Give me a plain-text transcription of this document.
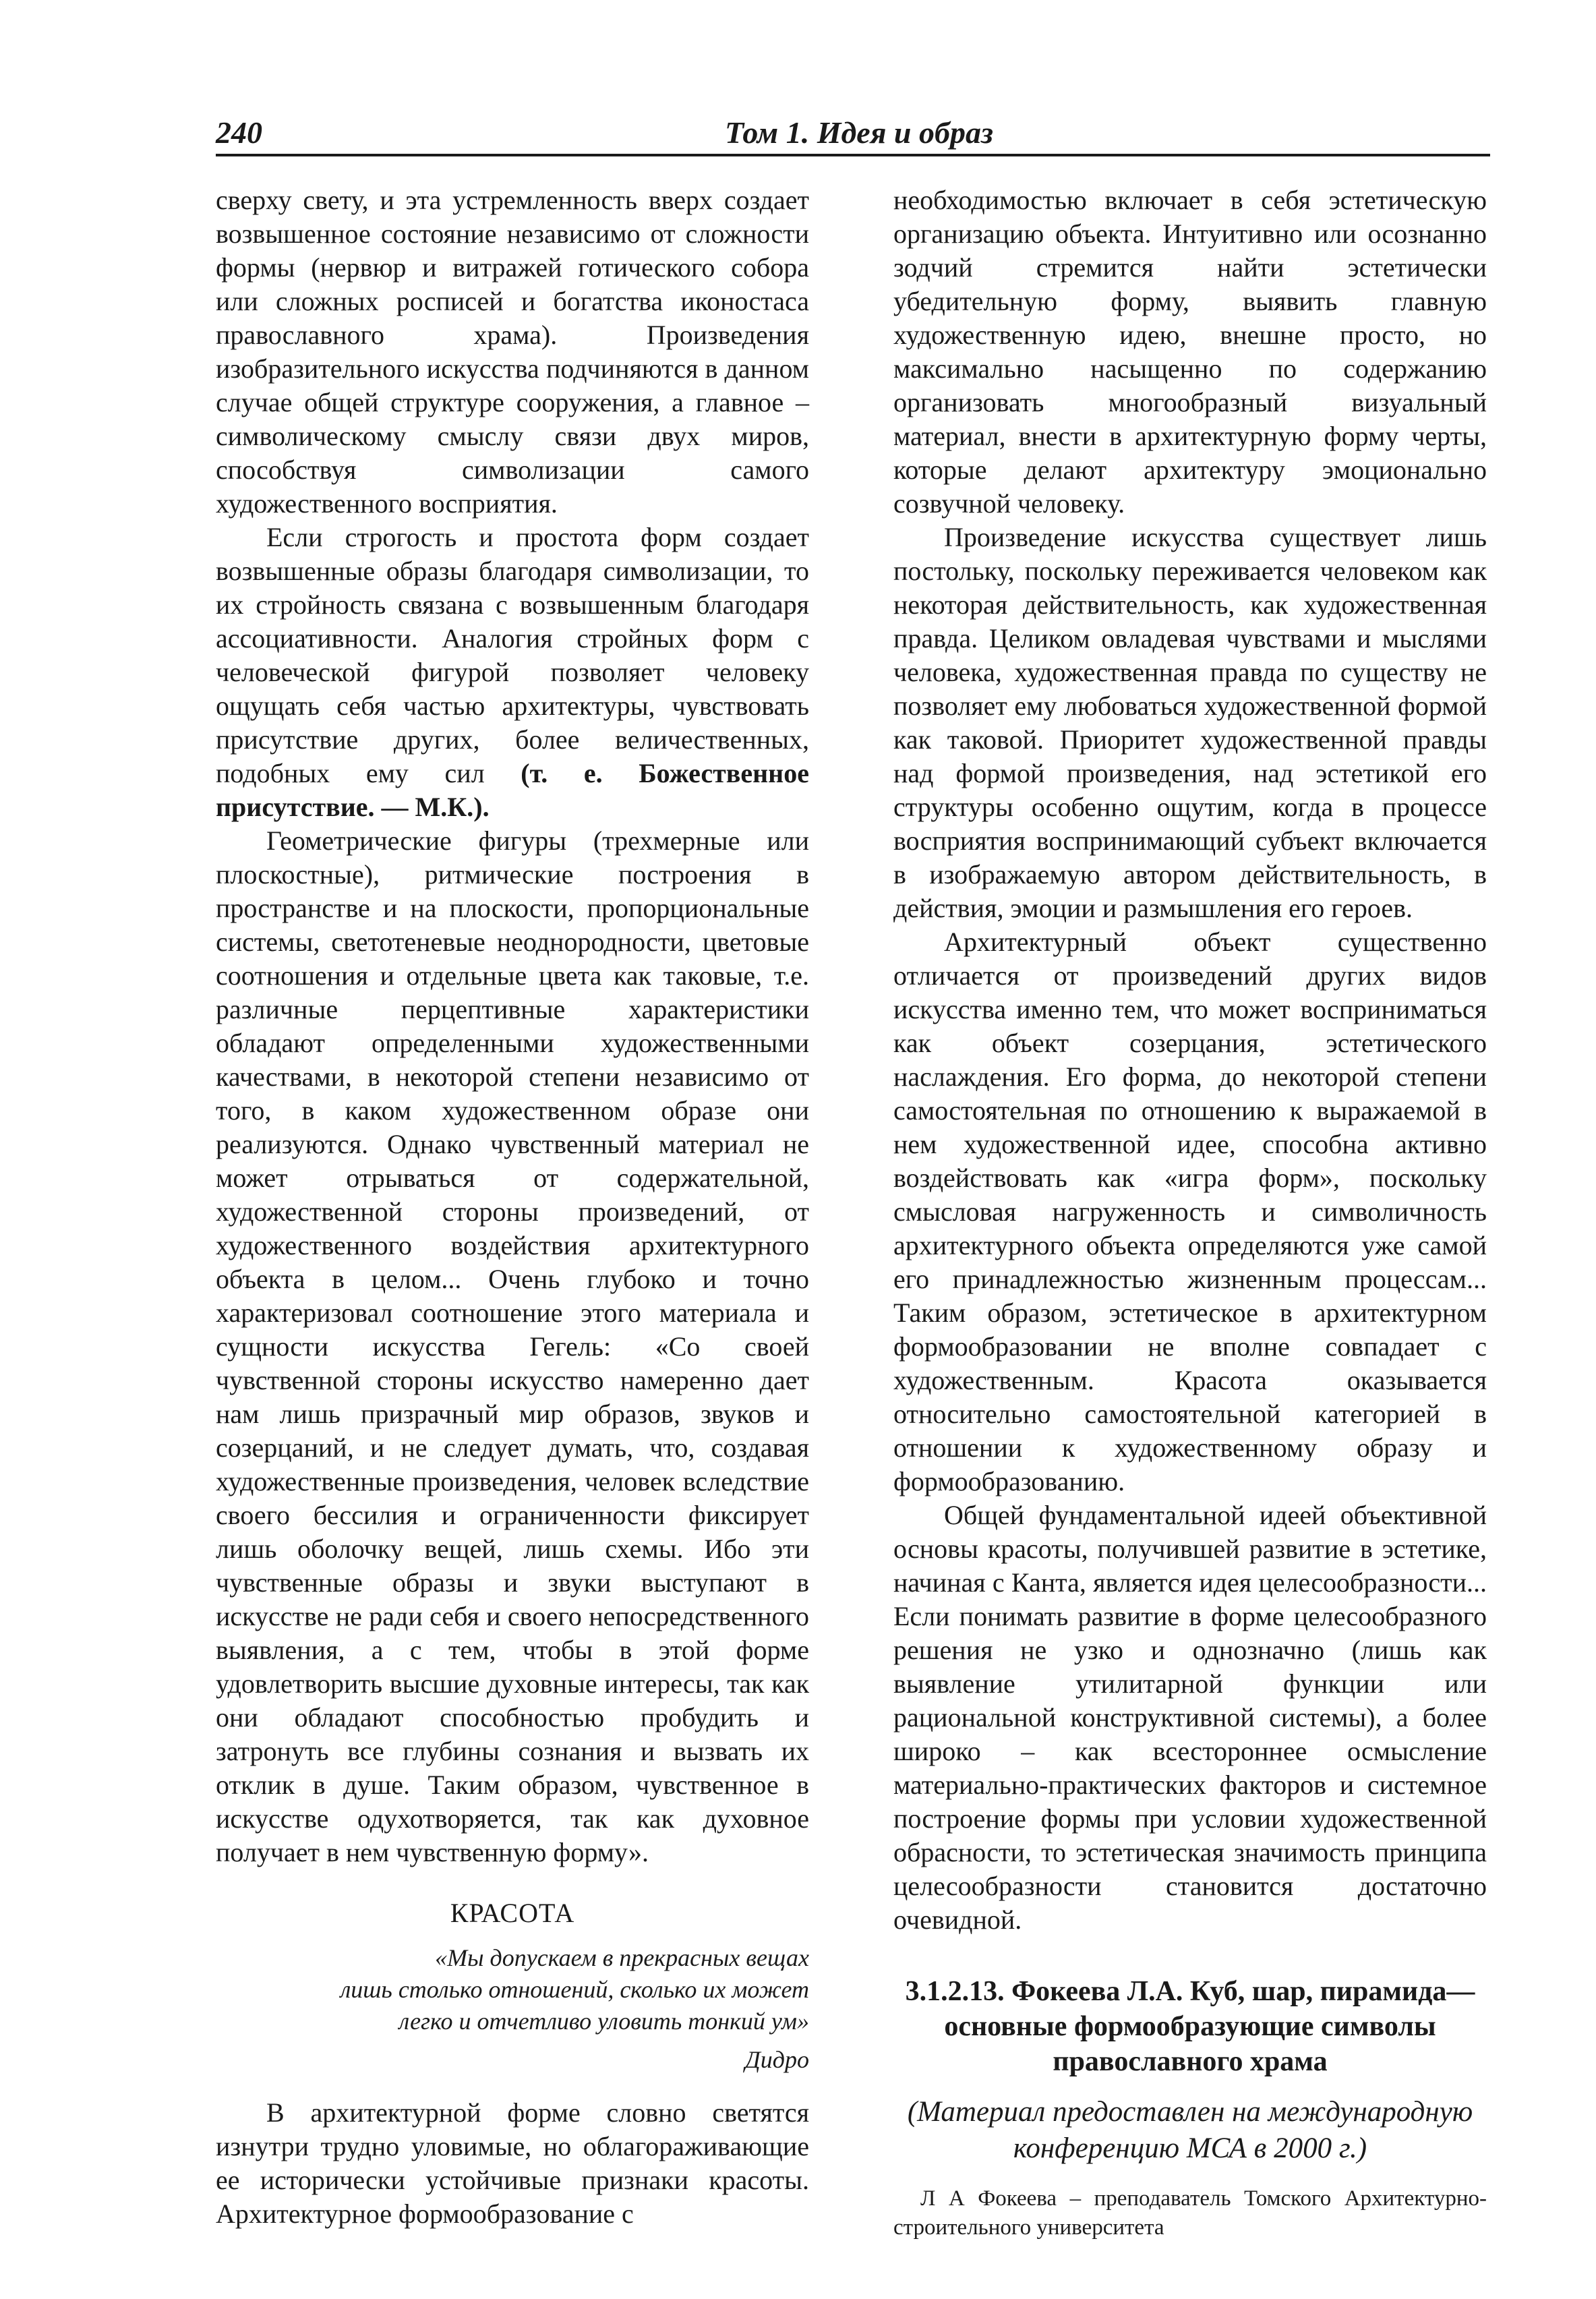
240	Том 1. Идея и образ

сверху свету, и эта устремленность вверх создает возвышенное состояние независимо от сложности формы (нервюр и витражей готического собора или сложных росписей и богатства иконостаса православного храма). Произведения изобразительного искусства подчиняются в данном случае общей структуре сооружения, а главное – символическому смыслу связи двух миров, способствуя символизации самого художественного восприятия.

Если строгость и простота форм создает возвышенные образы благодаря символизации, то их стройность связана с возвышенным благодаря ассоциативности. Аналогия стройных форм с человеческой фигурой позволяет человеку ощущать себя частью архитектуры, чувствовать присутствие других, более величественных, подобных ему сил (т. е. Божественное присутствие. — М.К.).

Геометрические фигуры (трехмерные или плоскостные), ритмические построения в пространстве и на плоскости, пропорциональные системы, светотеневые неоднородности, цветовые соотношения и отдельные цвета как таковые, т.е. различные перцептивные характеристики обладают определенными художественными качествами, в некоторой степени независимо от того, в каком художественном образе они реализуются. Однако чувственный материал не может отрываться от содержательной, художественной стороны произведений, от художественного воздействия архитектурного объекта в целом... Очень глубоко и точно характеризовал соотношение этого материала и сущности искусства Гегель: «Со своей чувственной стороны искусство намеренно дает нам лишь призрачный мир образов, звуков и созерцаний, и не следует думать, что, создавая художественные произведения, человек вследствие своего бессилия и ограниченности фиксирует лишь оболочку вещей, лишь схемы. Ибо эти чувственные образы и звуки выступают в искусстве не ради себя и своего непосредственного выявления, а с тем, чтобы в этой форме удовлетворить высшие духовные интересы, так как они обладают способностью пробудить и затронуть все глубины сознания и вызвать их отклик в душе. Таким образом, чувственное в искусстве одухотворяется, так как духовное получает в нем чувственную форму».

КРАСОТА
«Мы допускаем в прекрасных вещах
лишь столько отношений, сколько их может
легко и отчетливо уловить тонкий ум»
Дидро

В архитектурной форме словно светятся изнутри трудно уловимые, но облагораживающие ее исторически устойчивые признаки красоты. Архитектурное формообразование с

необходимостью включает в себя эстетическую организацию объекта. Интуитивно или осознанно зодчий стремится найти эстетически убедительную форму, выявить главную художественную идею, внешне просто, но максимально насыщенно по содержанию организовать многообразный визуальный материал, внести в архитектурную форму черты, которые делают архитектуру эмоционально созвучной человеку.

Произведение искусства существует лишь постольку, поскольку переживается человеком как некоторая действительность, как художественная правда. Целиком овладевая чувствами и мыслями человека, художественная правда по существу не позволяет ему любоваться художественной формой как таковой. Приоритет художественной правды над формой произведения, над эстетикой его структуры особенно ощутим, когда в процессе восприятия воспринимающий субъект включается в изображаемую автором действительность, в действия, эмоции и размышления его героев.

Архитектурный объект существенно отличается от произведений других видов искусства именно тем, что может восприниматься как объект созерцания, эстетического наслаждения. Его форма, до некоторой степени самостоятельная по отношению к выражаемой в нем художественной идее, способна активно воздействовать как «игра форм», поскольку смысловая нагруженность и символичность архитектурного объекта определяются уже самой его принадлежностью жизненным процессам... Таким образом, эстетическое в архитектурном формообразовании не вполне совпадает с художественным. Красота оказывается относительно самостоятельной категорией в отношении к художественному образу и формообразованию.

Общей фундаментальной идеей объективной основы красоты, получившей развитие в эстетике, начиная с Канта, является идея целесообразности... Если понимать развитие в форме целесообразного решения не узко и однозначно (лишь как выявление утилитарной функции или рациональной конструктивной системы), а более широко – как всестороннее осмысление материально-практических факторов и системное построение формы при условии художественной обрасности, то эстетическая значимость принципа целесообразности становится достаточно очевидной.

3.1.2.13. Фокеева Л.А. Куб, шар, пирамида—
основные формообразующие символы
православного храма
(Материал предоставлен на международную
конференцию МСА в 2000 г.)
Л А Фокеева – преподаватель Томского Архитектурно-строительного университета
